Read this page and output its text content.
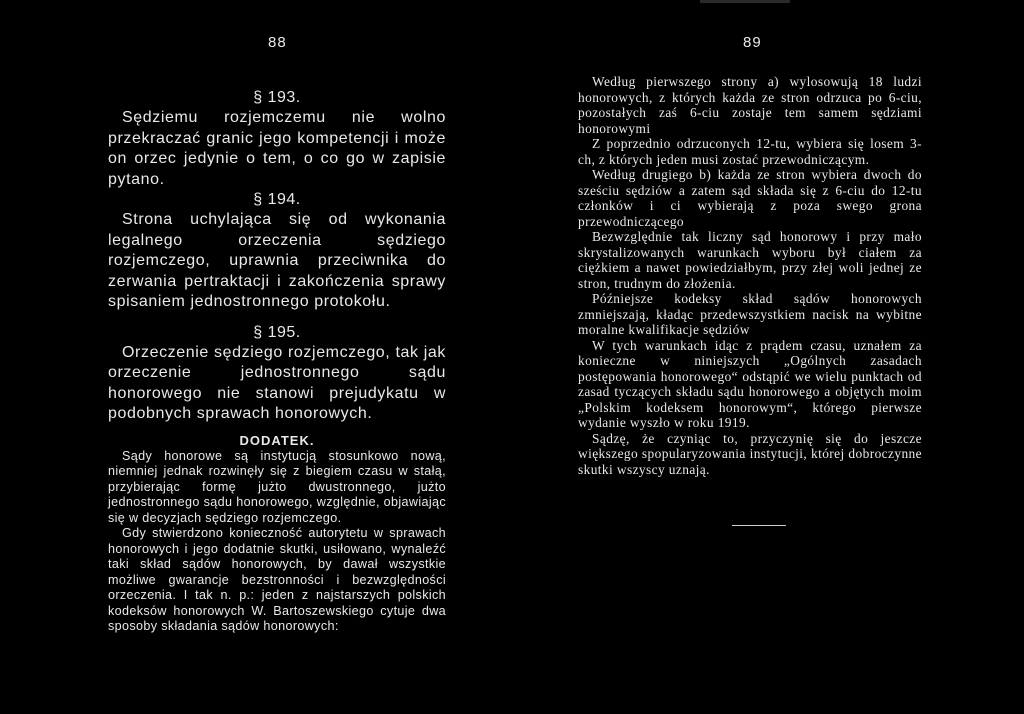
88
§ 193.

Sędziemu rozjemczemu nie wolno przekraczać granic jego kompetencji i może on orzec jedynie o tem, o co go w zapisie pytano.

§ 194.

Strona uchylająca się od wykonania legalnego orzeczenia sędziego rozjemczego, uprawnia przeciwnika do zerwania pertraktacji i zakończenia sprawy spisaniem jednostronnego protokołu.

§ 195.

Orzeczenie sędziego rozjemczego, tak jak orzeczenie jednostronnego sądu honorowego nie stanowi prejudykatu w podobnych sprawach honorowych.

DODATEK.

Sądy honorowe są instytucją stosunkowo nową, niemniej jednak rozwinęły się z biegiem czasu w stałą, przybierając formę jużto dwustronnego, jużto jednostronnego sądu honorowego, względnie, objawiając się w decyzjach sędziego rozjemczego.

Gdy stwierdzono konieczność autorytetu w sprawach honorowych i jego dodatnie skutki, usiłowano, wynaleźć taki skład sądów honorowych, by dawał wszystkie możliwe gwarancje bezstronności i bezwzględności orzeczenia. I tak n. p.: jeden z najstarszych polskich kodeksów honorowych W. Bartoszewskiego cytuje dwa sposoby składania sądów honorowych:

89

Według pierwszego strony a) wylosowują 18 ludzi honorowych, z których każda ze stron odrzuca po 6-ciu, pozostałych zaś 6-ciu zostaje tem samem sędziami honorowymi

Z poprzednio odrzuconych 12-tu, wybiera się losem 3-ch, z których jeden musi zostać przewodniczącym.

Według drugiego b) każda ze stron wybiera dwoch do sześciu sędziów a zatem sąd składa się z 6-ciu do 12-tu członków i ci wybierają z poza swego grona przewodniczącego

Bezwzględnie tak liczny sąd honorowy i przy mało skrystalizowanych warunkach wyboru był ciałem za ciężkiem a nawet powiedziałbym, przy złej woli jednej ze stron, trudnym do złożenia.

Późniejsze kodeksy skład sądów honorowych zmniejszają, kładąc przedewszystkiem nacisk na wybitne moralne kwalifikacje sędziów

W tych warunkach idąc z prądem czasu, uznałem za konieczne w niniejszych „Ogólnych zasadach postępowania honorowego“ odstąpić we wielu punktach od zasad tyczących składu sądu honorowego a objętych moim „Polskim kodeksem honorowym“, którego pierwsze wydanie wyszło w roku 1919.

Sądzę, że czyniąc to, przyczynię się do jeszcze większego spopularyzowania instytucji, której dobroczynne skutki wszyscy uznają.
